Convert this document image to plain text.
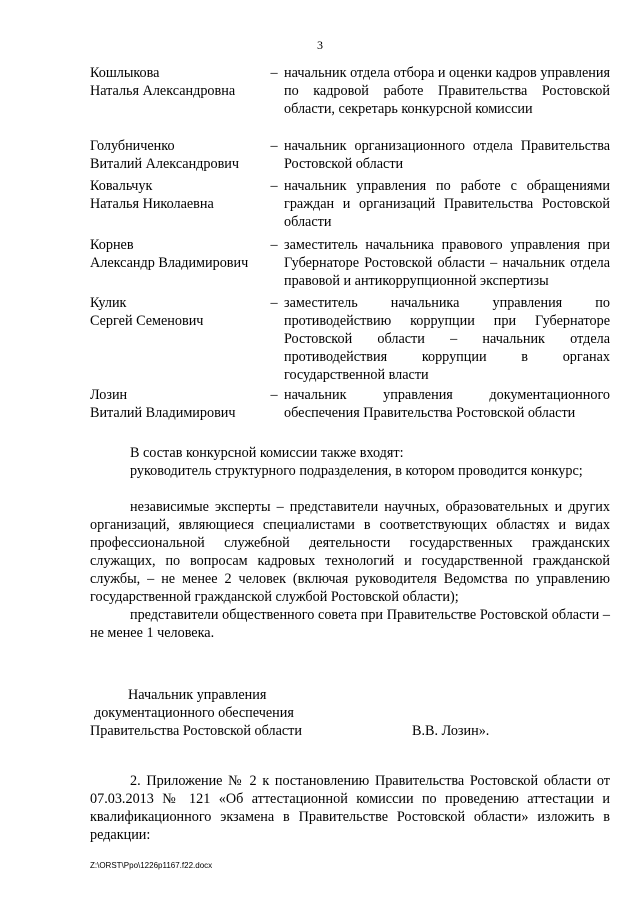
3
Кошлыкова
Наталья Александровна
– начальник отдела отбора и оценки кадров управления по кадровой работе Правительства Ростовской области, секретарь конкурсной комиссии
Голубниченко
Виталий Александрович
– начальник организационного отдела Правительства Ростовской области
Ковальчук
Наталья Николаевна
– начальник управления по работе с обращениями граждан и организаций Правительства Ростовской области
Корнев
Александр Владимирович
– заместитель начальника правового управления при Губернаторе Ростовской области – начальник отдела правовой и антикоррупционной экспертизы
Кулик
Сергей Семенович
– заместитель начальника управления по противодействию коррупции при Губернаторе Ростовской области – начальник отдела противодействия коррупции в органах государственной власти
Лозин
Виталий Владимирович
– начальник управления документационного обеспечения Правительства Ростовской области
В состав конкурсной комиссии также входят:
руководитель структурного подразделения, в котором проводится конкурс;
независимые эксперты – представители научных, образовательных и других организаций, являющиеся специалистами в соответствующих областях и видах профессиональной служебной деятельности государственных гражданских служащих, по вопросам кадровых технологий и государственной гражданской службы, – не менее 2 человек (включая руководителя Ведомства по управлению государственной гражданской службой Ростовской области);
представители общественного совета при Правительстве Ростовской области – не менее 1 человека.
Начальник управления
документационного обеспечения
Правительства Ростовской области	В.В. Лозин».
2. Приложение № 2 к постановлению Правительства Ростовской области от 07.03.2013 № 121 «Об аттестационной комиссии по проведению аттестации и квалификационного экзамена в Правительстве Ростовской области» изложить в редакции:
Z:\ORST\Ppo\1226p1167.f22.docx
